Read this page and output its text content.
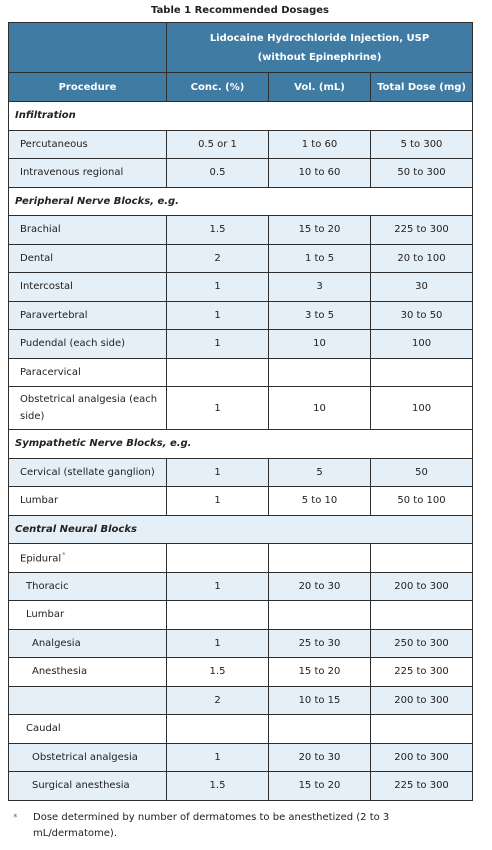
Table 1 Recommended Dosages

	Lidocaine Hydrochloride Injection, USP
(without Epinephrine)		

Procedure	Conc. (%)	Vol. (mL)	Total Dose (mg)
Infiltration			
Percutaneous	0.5 or 1	1 to 60	5 to 300
Intravenous regional	0.5	10 to 60	50 to 300
Peripheral Nerve Blocks, e.g.			
Brachial	1.5	15 to 20	225 to 300
Dental	2	1 to 5	20 to 100
Intercostal	1	3	30
Paravertebral	1	3 to 5	30 to 50
Pudendal (each side)	1	10	100
Paracervical			
Obstetrical analgesia (each side)	1	10	100
Sympathetic Nerve Blocks, e.g.			
Cervical (stellate ganglion)	1	5	50
Lumbar	1	5 to 10	50 to 100
Central Neural Blocks			
Epidural*			
Thoracic	1	20 to 30	200 to 300
Lumbar			
Analgesia	1	25 to 30	250 to 300
Anesthesia	1.5	15 to 20	225 to 300
	2	10 to 15	200 to 300
Caudal			
Obstetrical analgesia	1	20 to 30	200 to 300
Surgical anesthesia	1.5	15 to 20	225 to 300
*	Dose determined by number of dermatomes to be anesthetized (2 to 3 mL/dermatome).
